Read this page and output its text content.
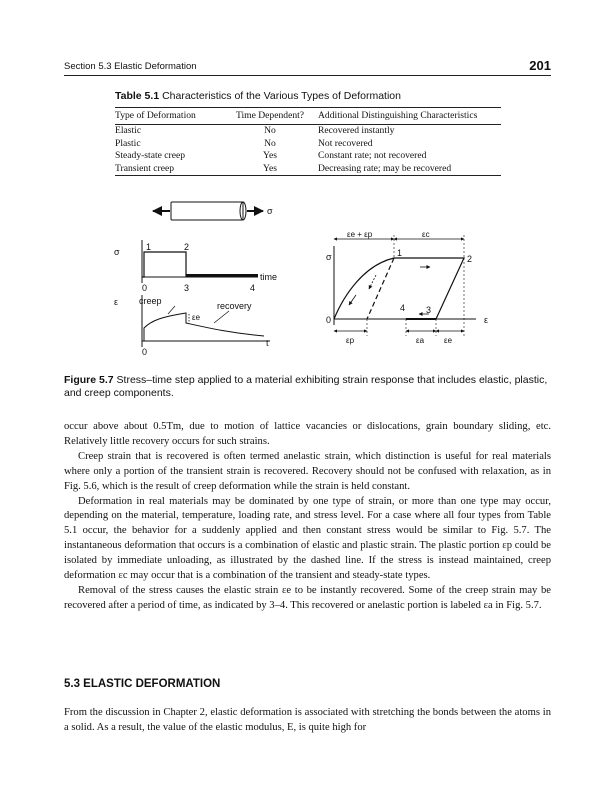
Section 5.3 Elastic Deformation	201
Table 5.1 Characteristics of the Various Types of Deformation
Type of Deformation	Time Dependent?	Additional Distinguishing Characteristics
Elastic	No	Recovered instantly
Plastic	No	Not recovered
Steady-state creep	Yes	Constant rate; not recovered
Transient creep	Yes	Decreasing rate; may be recovered
σ
σ	1	2
time
0	3	4
ε creep
εe
recovery
t
0
σ
0	ε
εe + εp	εc
1
2
3
4
εp	εa εe
Figure 5.7 Stress–time step applied to a material exhibiting strain response that includes elastic, plastic, and creep components.

occur above about 0.5Tm, due to motion of lattice vacancies or dislocations, grain boundary sliding, etc. Relatively little recovery occurs for such strains.

Creep strain that is recovered is often termed anelastic strain, which distinction is useful for real materials where only a portion of the transient strain is recovered. Recovery should not be confused with relaxation, as in Fig. 5.6, which is the result of creep deformation while the strain is held constant.

Deformation in real materials may be dominated by one type of strain, or more than one type may occur, depending on the material, temperature, loading rate, and stress level. For a case where all four types from Table 5.1 occur, the behavior for a suddenly applied and then constant stress would be similar to Fig. 5.7. The instantaneous deformation that occurs is a combination of elastic and plastic strain. The plastic portion εp could be isolated by immediate unloading, as illustrated by the dashed line. If the stress is instead maintained, creep deformation εc may occur that is a combination of the transient and steady-state types.

Removal of the stress causes the elastic strain εe to be instantly recovered. Some of the creep strain may be recovered after a period of time, as indicated by 3–4. This recovered or anelastic portion is labeled εa in Fig. 5.7.

5.3 ELASTIC DEFORMATION

From the discussion in Chapter 2, elastic deformation is associated with stretching the bonds between the atoms in a solid. As a result, the value of the elastic modulus, E, is quite high for
